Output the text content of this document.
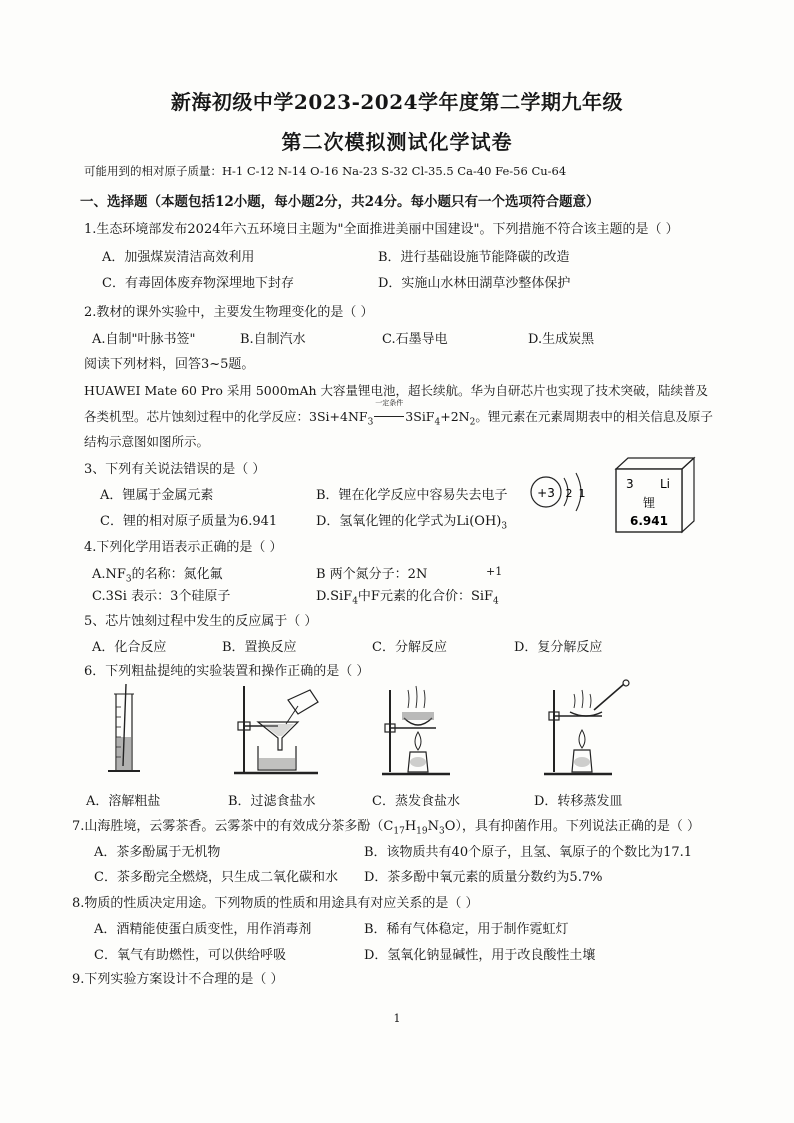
新海初级中学2023-2024学年度第二学期九年级
第二次模拟测试化学试卷
可能用到的相对原子质量：H-1 C-12 N-14 O-16 Na-23 S-32 Cl-35.5 Ca-40 Fe-56 Cu-64
一、选择题（本题包括12小题，每小题2分，共24分。每小题只有一个选项符合题意）
1.生态环境部发布2024年六五环境日主题为"全面推进美丽中国建设"。下列措施不符合该主题的是（ ）
A．加强煤炭清洁高效利用	B．进行基础设施节能降碳的改造
C．有毒固体废弃物深埋地下封存	D．实施山水林田湖草沙整体保护
2.教材的课外实验中，主要发生物理变化的是（ ）
A.自制"叶脉书签"	B.自制汽水	C.石墨导电	D.生成炭黑
阅读下列材料，回答3~5题。
HUAWEI Mate 60 Pro 采用 5000mAh 大容量锂电池，超长续航。华为自研芯片也实现了技术突破，陆续普及
各类机型。芯片蚀刻过程中的化学反应：$3Si+4NF_3$
一定条件
$3SiF_4+2N_2$。锂元素在元素周期表中的相关信息及原子
结构示意图如图所示。
3、下列有关说法错误的是（ ）
A．锂属于金属元素	B．锂在化学反应中容易失去电子
C．锂的相对原子质量为6.941	D．氢氧化锂的化学式为$Li(OH)_3$
+3 2 1
3 Li
锂
6.941
4.下列化学用语表示正确的是（ ）
$A.NF_3$的名称：氮化氟	B 两个氮分子：2N	+1
C.3Si 表示：3个硅原子	D.SiF$_4$中F元素的化合价：SiF$_4$
5、芯片蚀刻过程中发生的反应属于（ ）
A．化合反应	B．置换反应	C．分解反应	D．复分解反应
6．下列粗盐提纯的实验装置和操作正确的是（ ）
A．溶解粗盐	B．过滤食盐水	C．蒸发食盐水	D．转移蒸发皿
7.山海胜境，云雾茶香。云雾茶中的有效成分茶多酚$(C_{17}H_{19}N_3O)$，具有抑菌作用。下列说法正确的是（ ）
A．茶多酚属于无机物	B．该物质共有40个原子，且氢、氧原子的个数比为17.1
C．茶多酚完全燃烧，只生成二氧化碳和水 D．茶多酚中氧元素的质量分数约为5.7%
8.物质的性质决定用途。下列物质的性质和用途具有对应关系的是（ ）
A．酒精能使蛋白质变性，用作消毒剂	B．稀有气体稳定，用于制作霓虹灯
C．氧气有助燃性，可以供给呼吸	D．氢氧化钠显碱性，用于改良酸性土壤
9.下列实验方案设计不合理的是（ ）
1
